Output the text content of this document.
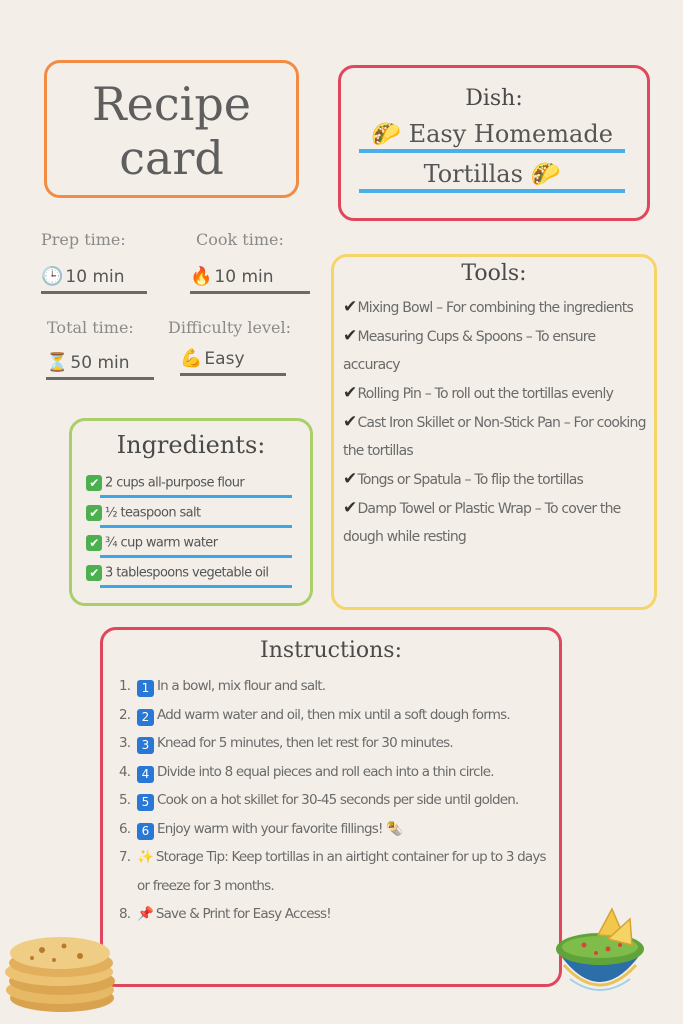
Recipe
card
Dish:
🌮 Easy Homemade
Tortillas 🌮
Prep time:
🕒 10 min
Cook time:
🔥 10 min
Total time:
⏳ 50 min
Difficulty level:
💪 Easy
Tools:
✔Mixing Bowl – For combining the ingredients
✔Measuring Cups & Spoons – To ensure accuracy
✔Rolling Pin – To roll out the tortillas evenly
✔Cast Iron Skillet or Non-Stick Pan – For cooking the tortillas
✔Tongs or Spatula – To flip the tortillas
✔Damp Towel or Plastic Wrap – To cover the dough while resting
Ingredients:
✔ 2 cups all-purpose flour
✔ ½ teaspoon salt
✔ ¾ cup warm water
✔ 3 tablespoons vegetable oil
Instructions:
1. 1 In a bowl, mix flour and salt.
2. 2 Add warm water and oil, then mix until a soft dough forms.
3. 3 Knead for 5 minutes, then let rest for 30 minutes.
4. 4 Divide into 8 equal pieces and roll each into a thin circle.
5. 5 Cook on a hot skillet for 30-45 seconds per side until golden.
6. 6 Enjoy warm with your favorite fillings! 🌯
7. ✨ Storage Tip: Keep tortillas in an airtight container for up to 3 days or freeze for 3 months.
8. 📌 Save & Print for Easy Access!
